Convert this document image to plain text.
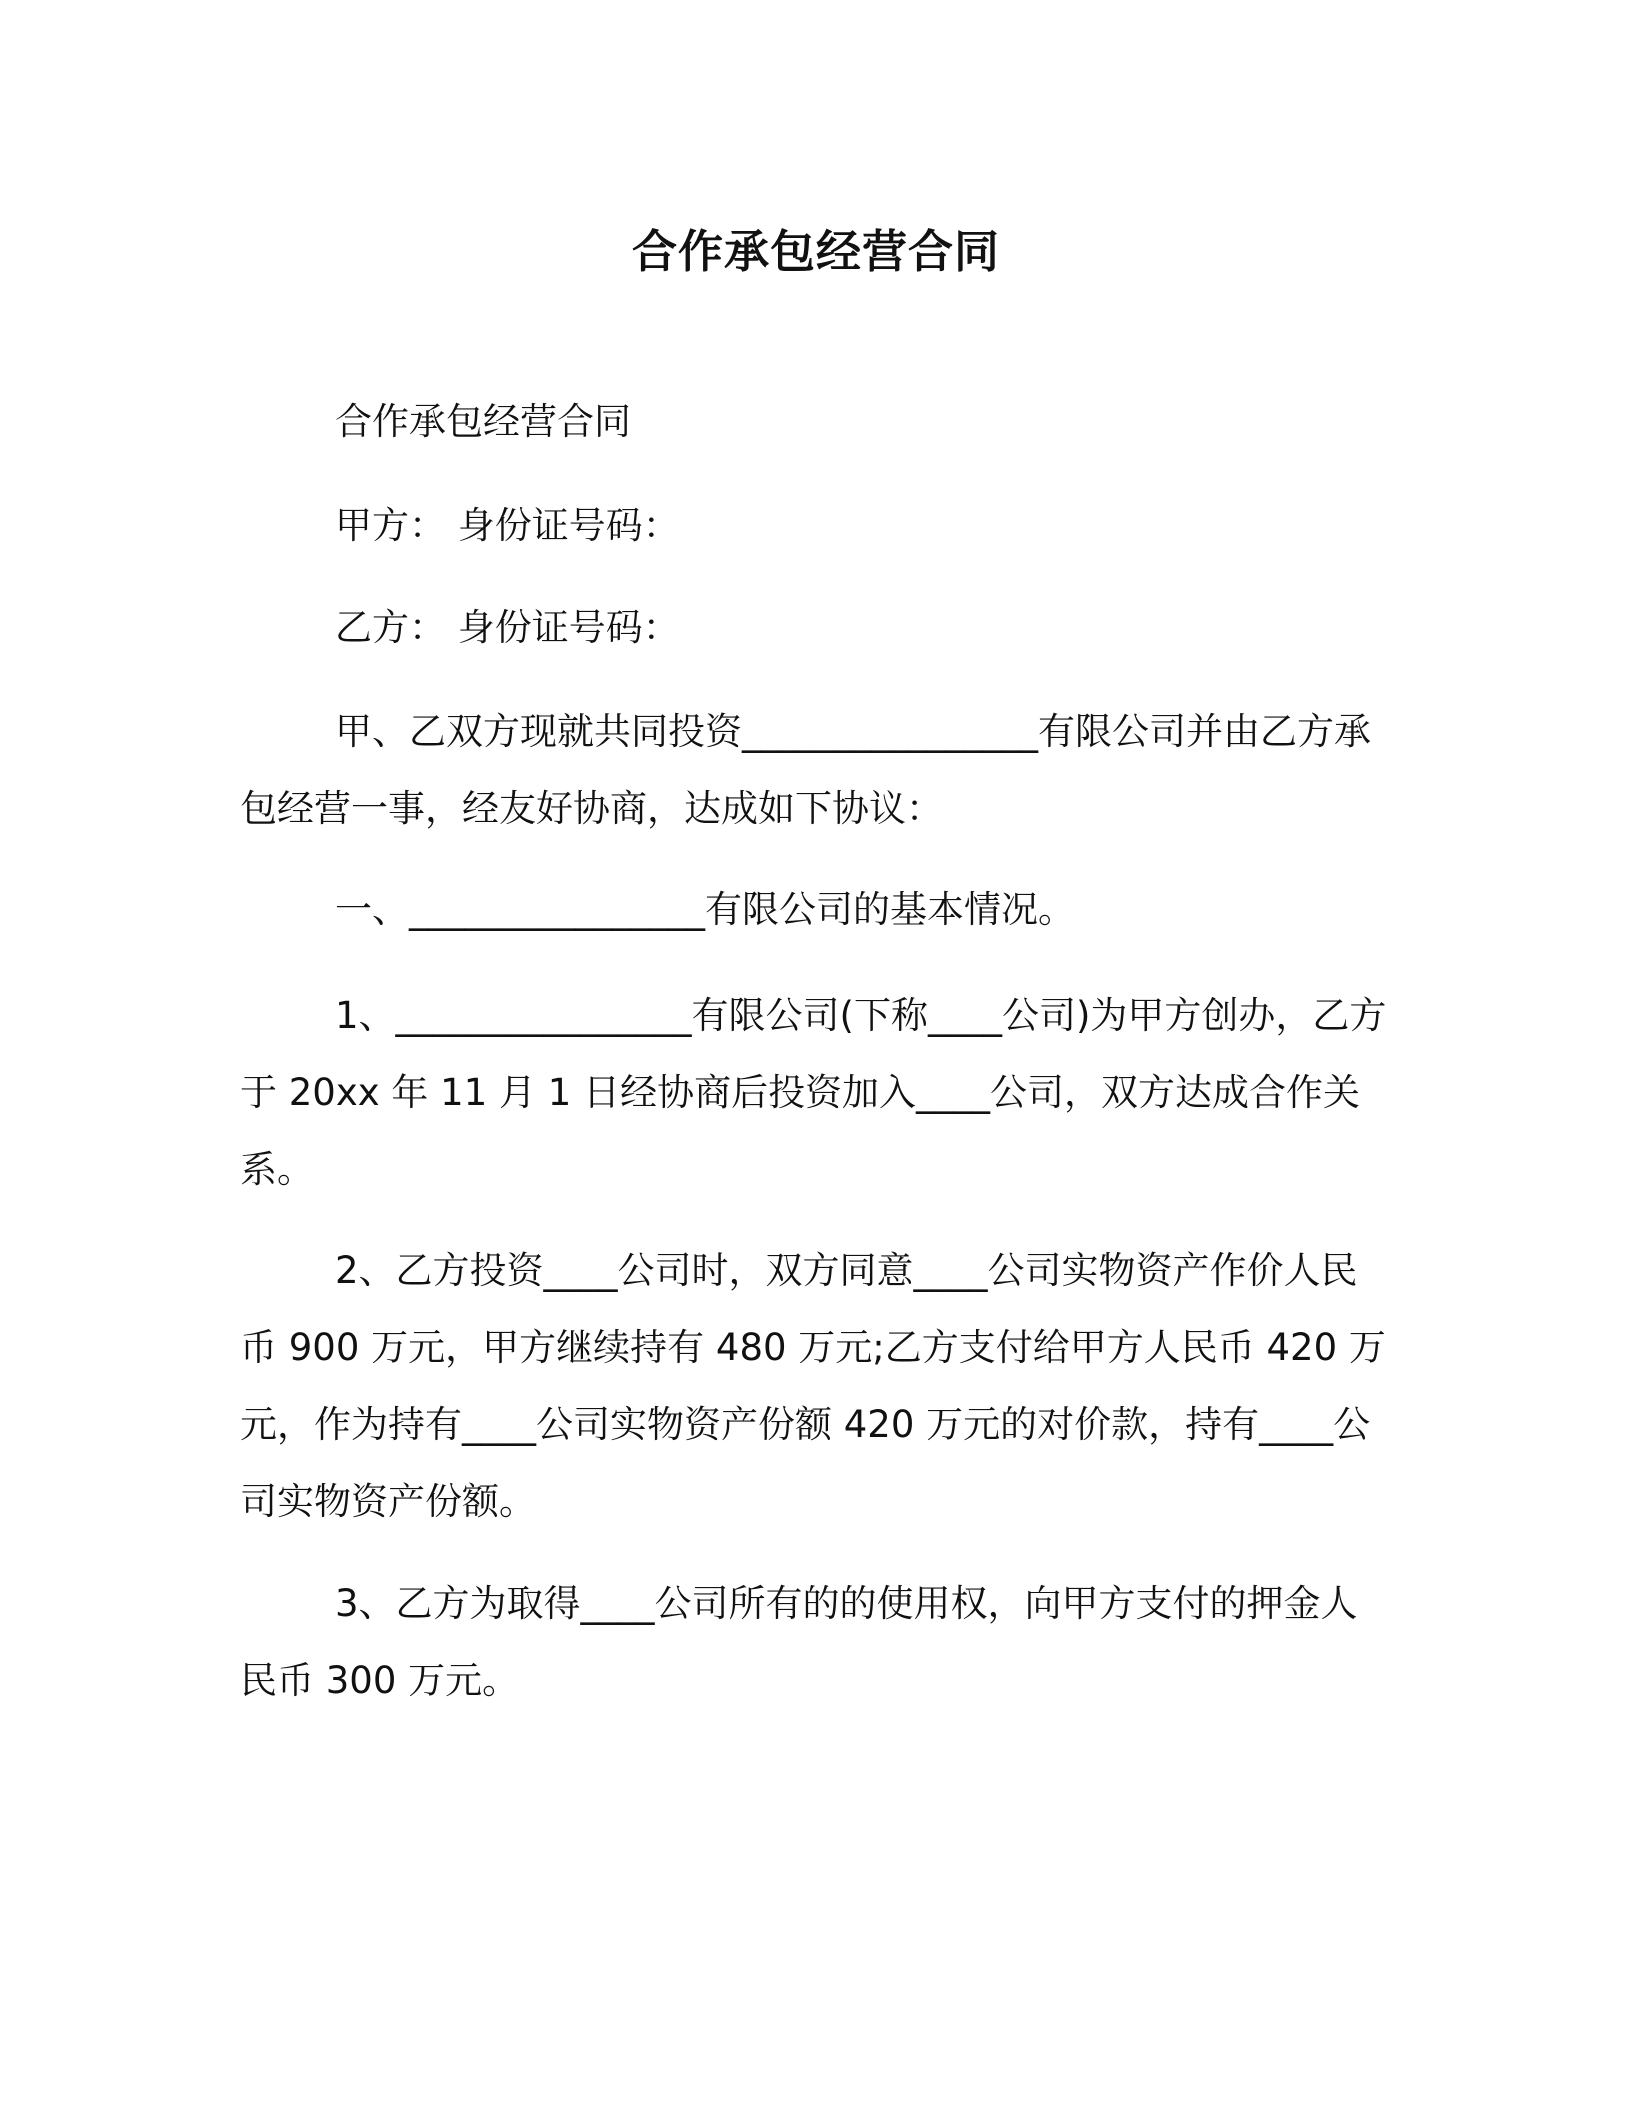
合作承包经营合同
合作承包经营合同
甲方： 身份证号码：
乙方： 身份证号码：
甲、乙双方现就共同投资________________有限公司并由乙方承包经营一事，经友好协商，达成如下协议：
一、________________有限公司的基本情况。
1、________________有限公司(下称____公司)为甲方创办，乙方于 20xx 年 11 月 1 日经协商后投资加入____公司，双方达成合作关系。
2、乙方投资____公司时，双方同意____公司实物资产作价人民币 900 万元，甲方继续持有 480 万元;乙方支付给甲方人民币 420 万元，作为持有____公司实物资产份额 420 万元的对价款，持有____公司实物资产份额。
3、乙方为取得____公司所有的的使用权，向甲方支付的押金人民币 300 万元。
